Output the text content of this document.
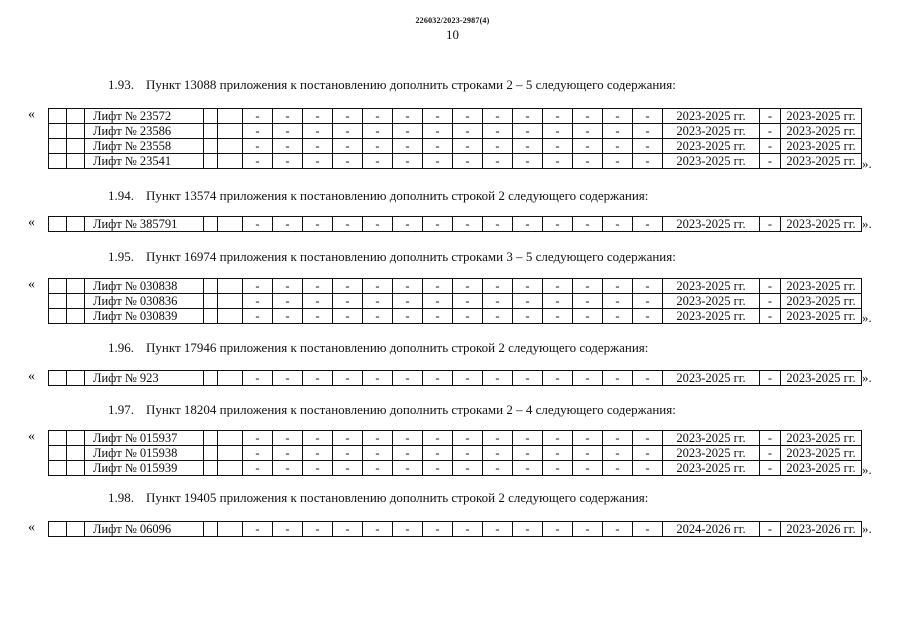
226032/2023-2987(4)
10
1.93. Пункт 13088 приложения к постановлению дополнить строками 2 – 5 следующего содержания:
«
			Лифт № 23572			-	-	-	-	-	-	-	-	-	-	-	-	-	-	2023-2025 гг.	-	2023-2025 гг.
		Лифт № 23586			-	-	-	-	-	-	-	-	-	-	-	-	-	-	2023-2025 гг.	-	2023-2025 гг.
		Лифт № 23558			-	-	-	-	-	-	-	-	-	-	-	-	-	-	2023-2025 гг.	-	2023-2025 гг.
		Лифт № 23541			-	-	-	-	-	-	-	-	-	-	-	-	-	-	2023-2025 гг.	-	2023-2025 гг. ».
1.94. Пункт 13574 приложения к постановлению дополнить строкой 2 следующего содержания:
«
			Лифт № 385791			-	-	-	-	-	-	-	-	-	-	-	-	-	-	2023-2025 гг.	-	2023-2025 гг. ».
1.95. Пункт 16974 приложения к постановлению дополнить строками 3 – 5 следующего содержания:
«
			Лифт № 030838			-	-	-	-	-	-	-	-	-	-	-	-	-	-	2023-2025 гг.	-	2023-2025 гг.
		Лифт № 030836			-	-	-	-	-	-	-	-	-	-	-	-	-	-	2023-2025 гг.	-	2023-2025 гг.
		Лифт № 030839			-	-	-	-	-	-	-	-	-	-	-	-	-	-	2023-2025 гг.	-	2023-2025 гг. ».
1.96. Пункт 17946 приложения к постановлению дополнить строкой 2 следующего содержания:
«
			Лифт № 923			-	-	-	-	-	-	-	-	-	-	-	-	-	-	2023-2025 гг.	-	2023-2025 гг. ».
1.97. Пункт 18204 приложения к постановлению дополнить строками 2 – 4 следующего содержания:
«
			Лифт № 015937			-	-	-	-	-	-	-	-	-	-	-	-	-	-	2023-2025 гг.	-	2023-2025 гг.
		Лифт № 015938			-	-	-	-	-	-	-	-	-	-	-	-	-	-	2023-2025 гг.	-	2023-2025 гг.
		Лифт № 015939			-	-	-	-	-	-	-	-	-	-	-	-	-	-	2023-2025 гг.	-	2023-2025 гг. ».
1.98. Пункт 19405 приложения к постановлению дополнить строкой 2 следующего содержания:
«
			Лифт № 06096			-	-	-	-	-	-	-	-	-	-	-	-	-	-	2024-2026 гг.	-	2023-2026 гг. ».
